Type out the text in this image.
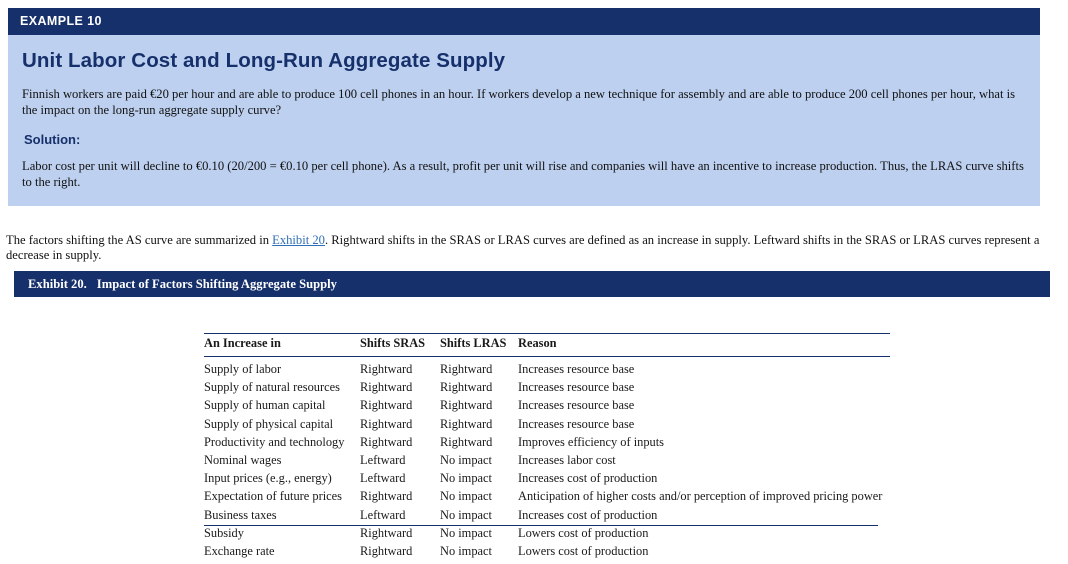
EXAMPLE 10
Unit Labor Cost and Long-Run Aggregate Supply

Finnish workers are paid €20 per hour and are able to produce 100 cell phones in an hour. If workers develop a new technique for assembly and are able to produce 200 cell phones per hour, what is the impact on the long-run aggregate supply curve?

Solution:

Labor cost per unit will decline to €0.10 (20/200 = €0.10 per cell phone). As a result, profit per unit will rise and companies will have an incentive to increase production. Thus, the LRAS curve shifts to the right.

The factors shifting the AS curve are summarized in Exhibit 20. Rightward shifts in the SRAS or LRAS curves are defined as an increase in supply. Leftward shifts in the SRAS or LRAS curves represent a decrease in supply.

Exhibit 20. Impact of Factors Shifting Aggregate Supply
An Increase in	Shifts SRAS	Shifts LRAS	Reason
Supply of labor	Rightward	Rightward	Increases resource base
Supply of natural resources	Rightward	Rightward	Increases resource base
Supply of human capital	Rightward	Rightward	Increases resource base
Supply of physical capital	Rightward	Rightward	Increases resource base
Productivity and technology	Rightward	Rightward	Improves efficiency of inputs
Nominal wages	Leftward	No impact	Increases labor cost
Input prices (e.g., energy)	Leftward	No impact	Increases cost of production
Expectation of future prices	Rightward	No impact	Anticipation of higher costs and/or perception of improved pricing power
Business taxes	Leftward	No impact	Increases cost of production
Subsidy	Rightward	No impact	Lowers cost of production
Exchange rate	Rightward	No impact	Lowers cost of production
